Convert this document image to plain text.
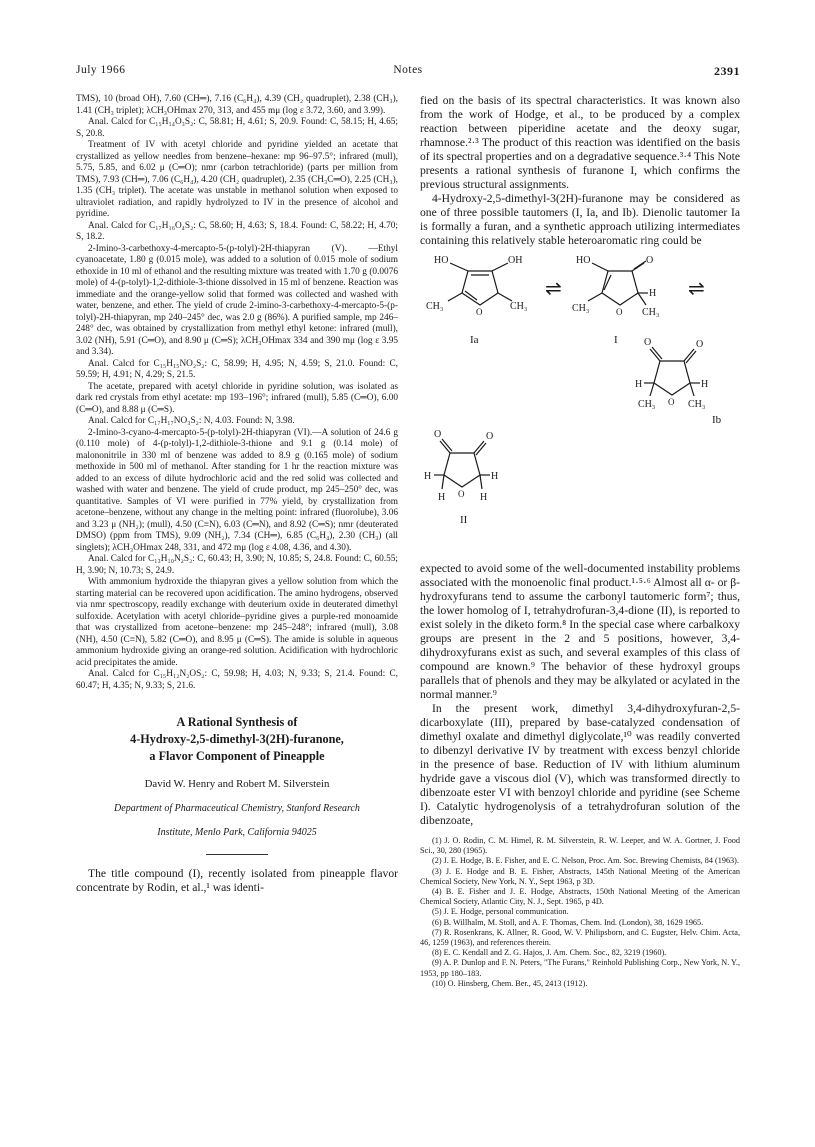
July 1966	Notes	2391

TMS), 10 (broad OH), 7.60 (CH═), 7.16 (C₆H₄), 4.39 (CH₂ quadruplet), 2.38 (CH₃), 1.41 (CH₃ triplet); λCH₃OHmax 270, 313, and 455 mμ (log ε 3.72, 3.60, and 3.99).

Anal. Calcd for C₁₅H₁₄O₃S₂: C, 58.81; H, 4.61; S, 20.9. Found: C, 58.15; H, 4.65; S, 20.8.

Treatment of IV with acetyl chloride and pyridine yielded an acetate that crystallized as yellow needles from benzene–hexane: mp 96–97.5°; infrared (mull), 5.75, 5.85, and 6.02 μ (C═O); nmr (carbon tetrachloride) (parts per million from TMS), 7.93 (CH═), 7.06 (C₆H₄), 4.20 (CH₂ quadruplet), 2.35 (CH₃C═O), 2.25 (CH₃), 1.35 (CH₃ triplet). The acetate was unstable in methanol solution when exposed to ultraviolet radiation, and rapidly hydrolyzed to IV in the presence of alcohol and pyridine.

Anal. Calcd for C₁₇H₁₆O₄S₂: C, 58.60; H, 4.63; S, 18.4. Found: C, 58.22; H, 4.70; S, 18.2.

2-Imino-3-carbethoxy-4-mercapto-5-(p-tolyl)-2H-thiapyran (V). —Ethyl cyanoacetate, 1.80 g (0.015 mole), was added to a solution of 0.015 mole of sodium ethoxide in 10 ml of ethanol and the resulting mixture was treated with 1.70 g (0.0076 mole) of 4-(p-tolyl)-1,2-dithiole-3-thione dissolved in 15 ml of benzene. Reaction was immediate and the orange-yellow solid that formed was collected and washed with water, benzene, and ether. The yield of crude 2-imino-3-carbethoxy-4-mercapto-5-(p-tolyl)-2H-thiapyran, mp 240–245° dec, was 2.0 g (86%). A purified sample, mp 246–248° dec, was obtained by crystallization from methyl ethyl ketone: infrared (mull), 3.02 (NH), 5.91 (C═O), and 8.90 μ (C═S); λCH₃OHmax 334 and 390 mμ (log ε 3.95 and 3.34).

Anal. Calcd for C₁₅H₁₅NO₂S₂: C, 58.99; H, 4.95; N, 4.59; S, 21.0. Found: C, 59.59; H, 4.91; N, 4.29; S, 21.5.

The acetate, prepared with acetyl chloride in pyridine solution, was isolated as dark red crystals from ethyl acetate: mp 193–196°; infrared (mull), 5.85 (C═O), 6.00 (C═O), and 8.88 μ (C═S).

Anal. Calcd for C₁₇H₁₇NO₃S₂: N, 4.03. Found: N, 3.98.

2-Imino-3-cyano-4-mercapto-5-(p-tolyl)-2H-thiapyran (VI).—A solution of 24.6 g (0.110 mole) of 4-(p-tolyl)-1,2-dithiole-3-thione and 9.1 g (0.14 mole) of malononitrile in 330 ml of benzene was added to 8.9 g (0.165 mole) of sodium methoxide in 500 ml of methanol. After standing for 1 hr the reaction mixture was added to an excess of dilute hydrochloric acid and the red solid was collected and washed with water and benzene. The yield of crude product, mp 245–250° dec, was quantitative. Samples of VI were purified in 77% yield, by crystallization from acetone–benzene, without any change in the melting point: infrared (fluorolube), 3.06 and 3.23 μ (NH₂); (mull), 4.50 (C≡N), 6.03 (C═N), and 8.92 (C═S); nmr (deuterated DMSO) (ppm from TMS), 9.09 (NH₂), 7.34 (CH═), 6.85 (C₆H₄), 2.30 (CH₃) (all singlets); λCH₃OHmax 248, 331, and 472 mμ (log ε 4.08, 4.36, and 4.30).

Anal. Calcd for C₁₃H₁₀N₂S₂: C, 60.43; H, 3.90; N, 10.85; S, 24.8. Found: C, 60.55; H, 3.90; N, 10.73; S, 24.9.

With ammonium hydroxide the thiapyran gives a yellow solution from which the starting material can be recovered upon acidification. The amino hydrogens, observed via nmr spectroscopy, readily exchange with deuterium oxide in deuterated dimethyl sulfoxide. Acetylation with acetyl chloride–pyridine gives a purple-red monoamide that was crystallized from acetone–benzene: mp 245–248°; infrared (mull), 3.08 (NH), 4.50 (C≡N), 5.82 (C═O), and 8.95 μ (C═S). The amide is soluble in aqueous ammonium hydroxide giving an orange-red solution. Acidification with hydrochloric acid precipitates the amide.

Anal. Calcd for C₁₅H₁₂N₂OS₂: C, 59.98; H, 4.03; N, 9.33; S, 21.4. Found: C, 60.47; H, 4.35; N, 9.33; S, 21.6.

A Rational Synthesis of
4-Hydroxy-2,5-dimethyl-3(2H)-furanone,
a Flavor Component of Pineapple
David W. Henry and Robert M. Silverstein
Department of Pharmaceutical Chemistry, Stanford Research
Institute, Menlo Park, California 94025

The title compound (I), recently isolated from pineapple flavor concentrate by Rodin, et al.,¹ was identi-

fied on the basis of its spectral characteristics. It was known also from the work of Hodge, et al., to be produced by a complex reaction between piperidine acetate and the deoxy sugar, rhamnose.²·³ The product of this reaction was identified on the basis of its spectral properties and on a degradative sequence.³·⁴ This Note presents a rational synthesis of furanone I, which confirms the previous structural assignments.

4-Hydroxy-2,5-dimethyl-3(2H)-furanone may be considered as one of three possible tautomers (I, Ia, and Ib). Dienolic tautomer Ia is formally a furan, and a synthetic approach utilizing intermediates containing this relatively stable heteroaromatic ring could be

HO	OH
O
CH₃	CH₃
Ia
⇌	⇌
HO	O
H
O
CH₃	CH₃
I	O	O
H	H
O
CH₃	CH₃
Ib
O	O
H	H
H	H
O
II

expected to avoid some of the well-documented instability problems associated with the monoenolic final product.¹·⁵·⁶ Almost all α- or β-hydroxyfurans tend to assume the carbonyl tautomeric form⁷; thus, the lower homolog of I, tetrahydrofuran-3,4-dione (II), is reported to exist solely in the diketo form.⁸ In the special case where carbalkoxy groups are present in the 2 and 5 positions, however, 3,4-dihydroxyfurans exist as such, and several examples of this class of compound are known.⁹ The behavior of these hydroxyl groups parallels that of phenols and they may be alkylated or acylated in the normal manner.⁹

In the present work, dimethyl 3,4-dihydroxyfuran-2,5-dicarboxylate (III), prepared by base-catalyzed condensation of dimethyl oxalate and dimethyl diglycolate,¹⁰ was readily converted to dibenzyl derivative IV by treatment with excess benzyl chloride in the presence of base. Reduction of IV with lithium aluminum hydride gave a viscous diol (V), which was transformed directly to dibenzoate ester VI with benzoyl chloride and pyridine (see Scheme I). Catalytic hydrogenolysis of a tetrahydrofuran solution of the dibenzoate,

(1) J. O. Rodin, C. M. Himel, R. M. Silverstein, R. W. Leeper, and W. A. Gortner, J. Food Sci., 30, 280 (1965).

(2) J. E. Hodge, B. E. Fisher, and E. C. Nelson, Proc. Am. Soc. Brewing Chemists, 84 (1963).

(3) J. E. Hodge and B. E. Fisher, Abstracts, 145th National Meeting of the American Chemical Society, New York, N. Y., Sept 1963, p 3D.

(4) B. E. Fisher and J. E. Hodge, Abstracts, 150th National Meeting of the American Chemical Society, Atlantic City, N. J., Sept. 1965, p 4D.

(5) J. E. Hodge, personal communication.

(6) B. Willhalm, M. Stoll, and A. F. Thomas, Chem. Ind. (London), 38, 1629 1965.

(7) R. Rosenkrans, K. Allner, R. Good, W. V. Philipsborn, and C. Eugster, Helv. Chim. Acta, 46, 1259 (1963), and references therein.

(8) E. C. Kendall and Z. G. Hajos, J. Am. Chem. Soc., 82, 3219 (1960).

(9) A. P. Dunlop and F. N. Peters, "The Furans," Reinhold Publishing Corp., New York, N. Y., 1953, pp 180–183.

(10) O. Hinsberg, Chem. Ber., 45, 2413 (1912).
